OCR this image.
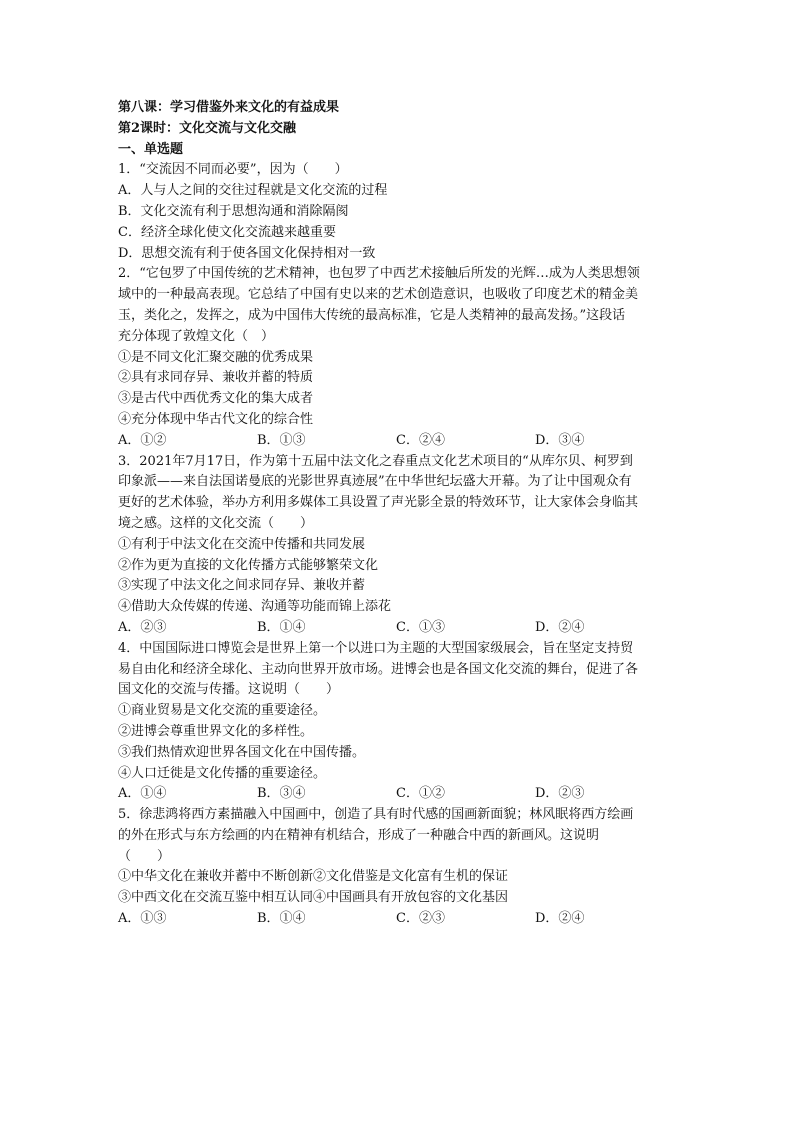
第八课：学习借鉴外来文化的有益成果
第2课时：文化交流与文化交融
一、单选题
1．“交流因不同而必要”，因为（　　）
A．人与人之间的交往过程就是文化交流的过程
B．文化交流有利于思想沟通和消除隔阂
C．经济全球化使文化交流越来越重要
D．思想交流有利于使各国文化保持相对一致
2．“它包罗了中国传统的艺术精神，也包罗了中西艺术接触后所发的光辉…成为人类思想领
域中的一种最高表现。它总结了中国有史以来的艺术创造意识，也吸收了印度艺术的精金美
玉，类化之，发挥之，成为中国伟大传统的最高标准，它是人类精神的最高发扬。”这段话
充分体现了敦煌文化（　）
①是不同文化汇聚交融的优秀成果
②具有求同存异、兼收并蓄的特质
③是古代中西优秀文化的集大成者
④充分体现中华古代文化的综合性
A．①②	B．①③	C．②④	D．③④
3．2021年7月17日，作为第十五届中法文化之春重点文化艺术项目的“从库尔贝、柯罗到
印象派——来自法国诺曼底的光影世界真迹展”在中华世纪坛盛大开幕。为了让中国观众有
更好的艺术体验，举办方利用多媒体工具设置了声光影全景的特效环节，让大家体会身临其
境之感。这样的文化交流（　　）
①有利于中法文化在交流中传播和共同发展
②作为更为直接的文化传播方式能够繁荣文化
③实现了中法文化之间求同存异、兼收并蓄
④借助大众传媒的传递、沟通等功能而锦上添花
A．②③	B．①④	C．①③	D．②④
4．中国国际进口博览会是世界上第一个以进口为主题的大型国家级展会，旨在坚定支持贸
易自由化和经济全球化、主动向世界开放市场。进博会也是各国文化交流的舞台，促进了各
国文化的交流与传播。这说明（　　）
①商业贸易是文化交流的重要途径。
②进博会尊重世界文化的多样性。
③我们热情欢迎世界各国文化在中国传播。
④人口迁徙是文化传播的重要途径。
A．①④	B．③④	C．①②	D．②③
5．徐悲鸿将西方素描融入中国画中，创造了具有时代感的国画新面貌；林风眠将西方绘画
的外在形式与东方绘画的内在精神有机结合，形成了一种融合中西的新画风。这说明
（　　）
①中华文化在兼收并蓄中不断创新②文化借鉴是文化富有生机的保证
③中西文化在交流互鉴中相互认同④中国画具有开放包容的文化基因
A．①③	B．①④	C．②③	D．②④
